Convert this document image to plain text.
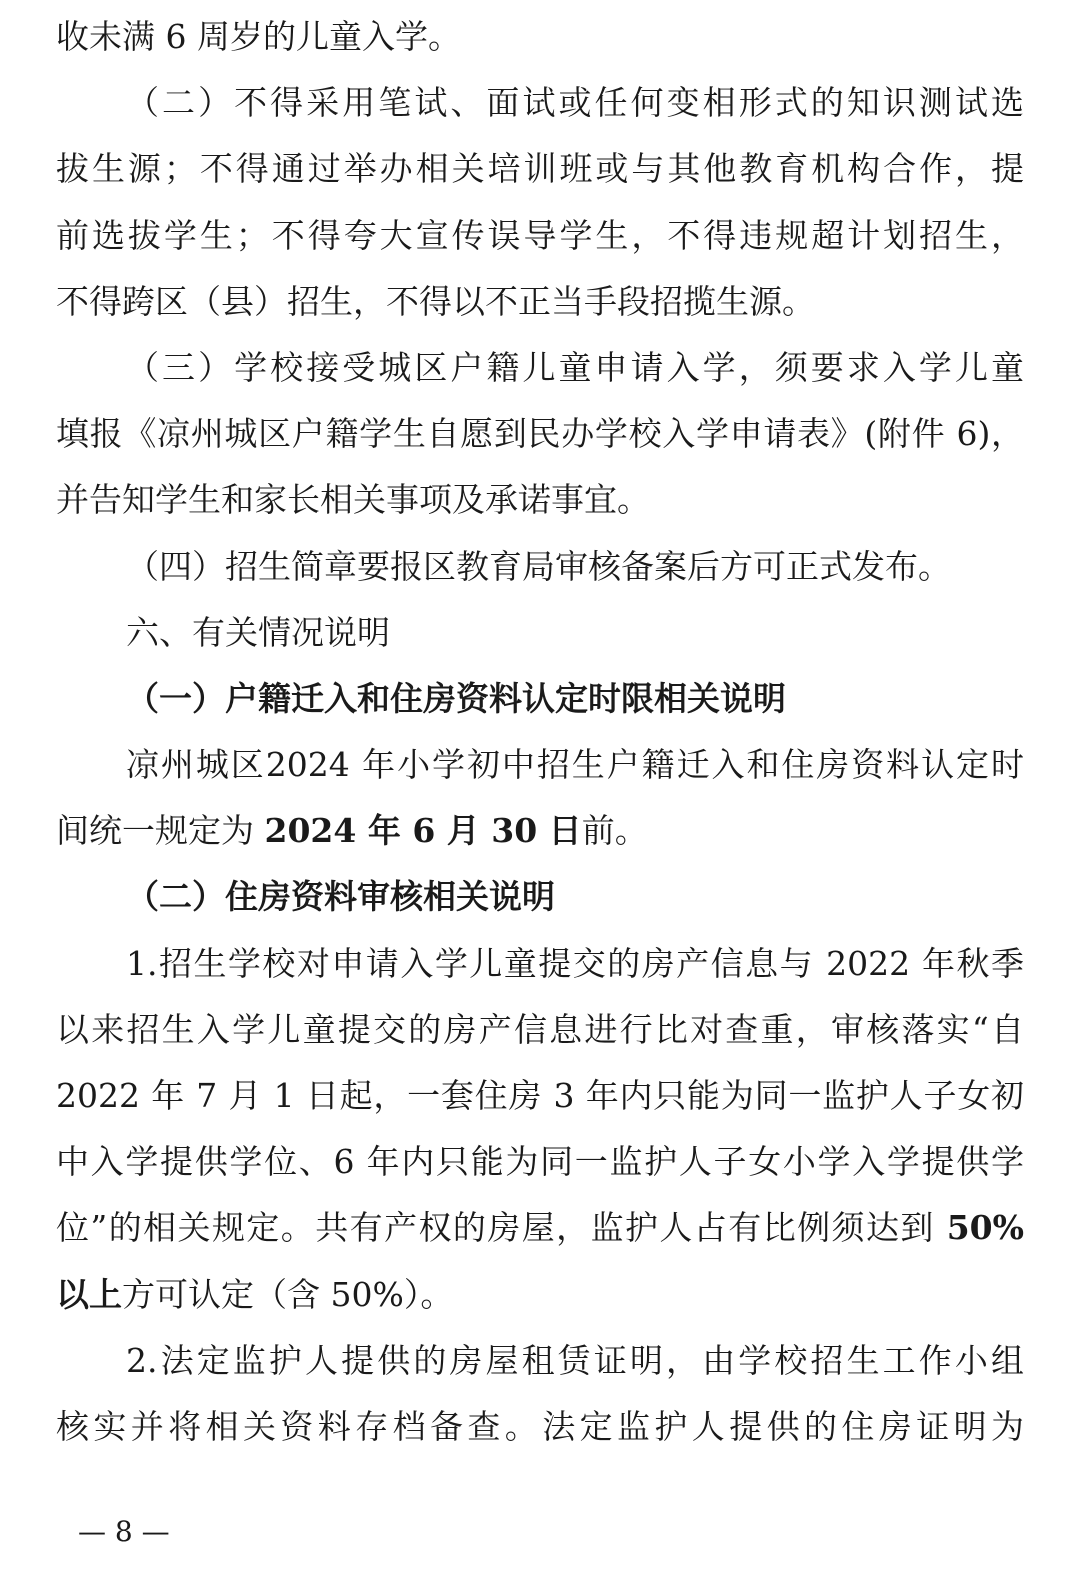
收未满 6 周岁的儿童入学。
（二）不得采用笔试、面试或任何变相形式的知识测试选
拔生源；不得通过举办相关培训班或与其他教育机构合作，提
前选拔学生；不得夸大宣传误导学生，不得违规超计划招生，
不得跨区（县）招生，不得以不正当手段招揽生源。
（三）学校接受城区户籍儿童申请入学，须要求入学儿童
填报《凉州城区户籍学生自愿到民办学校入学申请表》(附件 6)，
并告知学生和家长相关事项及承诺事宜。
（四）招生简章要报区教育局审核备案后方可正式发布。
六、有关情况说明
（一）户籍迁入和住房资料认定时限相关说明
凉州城区2024 年小学初中招生户籍迁入和住房资料认定时
间统一规定为 2024 年 6 月 30 日前。
（二）住房资料审核相关说明
1.招生学校对申请入学儿童提交的房产信息与 2022 年秋季
以来招生入学儿童提交的房产信息进行比对查重，审核落实“自
2022 年 7 月 1 日起，一套住房 3 年内只能为同一监护人子女初
中入学提供学位、6 年内只能为同一监护人子女小学入学提供学
位”的相关规定。共有产权的房屋，监护人占有比例须达到 50%
以上方可认定（含 50%）。
2.法定监护人提供的房屋租赁证明，由学校招生工作小组
核实并将相关资料存档备查。法定监护人提供的住房证明为
— 8 —
